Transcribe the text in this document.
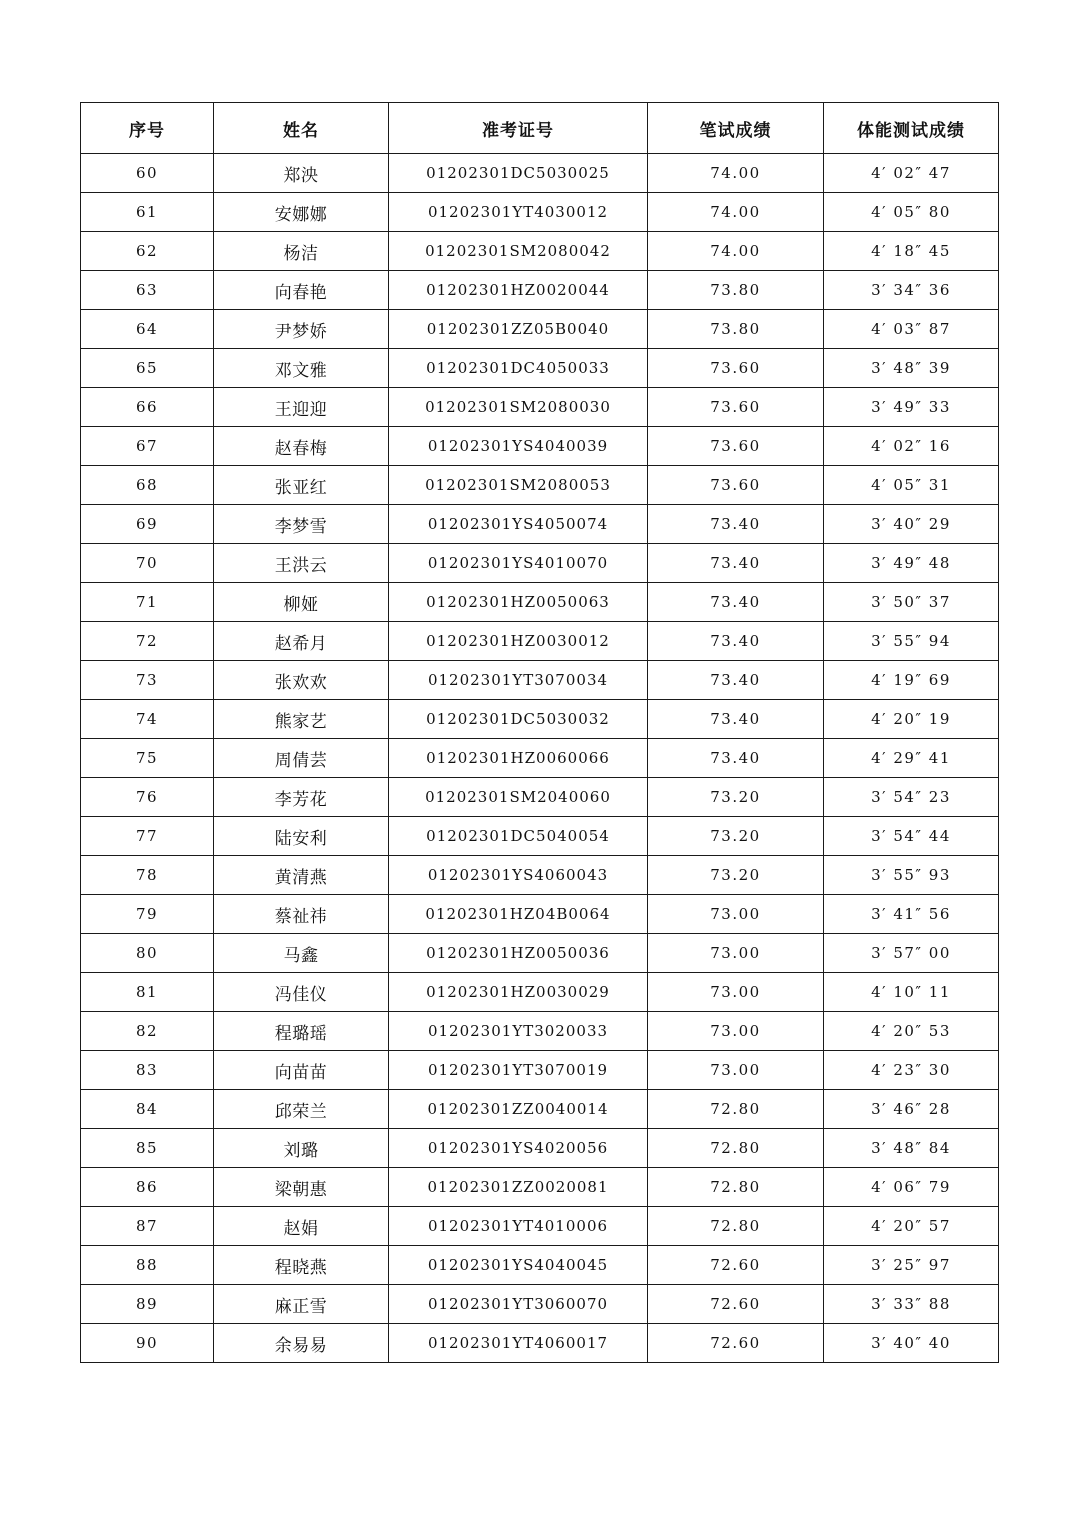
序号	姓名	准考证号	笔试成绩	体能测试成绩
60	郑泱	01202301DC5030025	74.00	4′ 02″ 47
61	安娜娜	01202301YT4030012	74.00	4′ 05″ 80
62	杨洁	01202301SM2080042	74.00	4′ 18″ 45
63	向春艳	01202301HZ0020044	73.80	3′ 34″ 36
64	尹梦娇	01202301ZZ05B0040	73.80	4′ 03″ 87
65	邓文雅	01202301DC4050033	73.60	3′ 48″ 39
66	王迎迎	01202301SM2080030	73.60	3′ 49″ 33
67	赵春梅	01202301YS4040039	73.60	4′ 02″ 16
68	张亚红	01202301SM2080053	73.60	4′ 05″ 31
69	李梦雪	01202301YS4050074	73.40	3′ 40″ 29
70	王洪云	01202301YS4010070	73.40	3′ 49″ 48
71	柳娅	01202301HZ0050063	73.40	3′ 50″ 37
72	赵希月	01202301HZ0030012	73.40	3′ 55″ 94
73	张欢欢	01202301YT3070034	73.40	4′ 19″ 69
74	熊家艺	01202301DC5030032	73.40	4′ 20″ 19
75	周倩芸	01202301HZ0060066	73.40	4′ 29″ 41
76	李芳花	01202301SM2040060	73.20	3′ 54″ 23
77	陆安利	01202301DC5040054	73.20	3′ 54″ 44
78	黄清燕	01202301YS4060043	73.20	3′ 55″ 93
79	蔡祉祎	01202301HZ04B0064	73.00	3′ 41″ 56
80	马鑫	01202301HZ0050036	73.00	3′ 57″ 00
81	冯佳仪	01202301HZ0030029	73.00	4′ 10″ 11
82	程璐瑶	01202301YT3020033	73.00	4′ 20″ 53
83	向苗苗	01202301YT3070019	73.00	4′ 23″ 30
84	邱荣兰	01202301ZZ0040014	72.80	3′ 46″ 28
85	刘璐	01202301YS4020056	72.80	3′ 48″ 84
86	梁朝惠	01202301ZZ0020081	72.80	4′ 06″ 79
87	赵娟	01202301YT4010006	72.80	4′ 20″ 57
88	程晓燕	01202301YS4040045	72.60	3′ 25″ 97
89	麻正雪	01202301YT3060070	72.60	3′ 33″ 88
90	余易易	01202301YT4060017	72.60	3′ 40″ 40
